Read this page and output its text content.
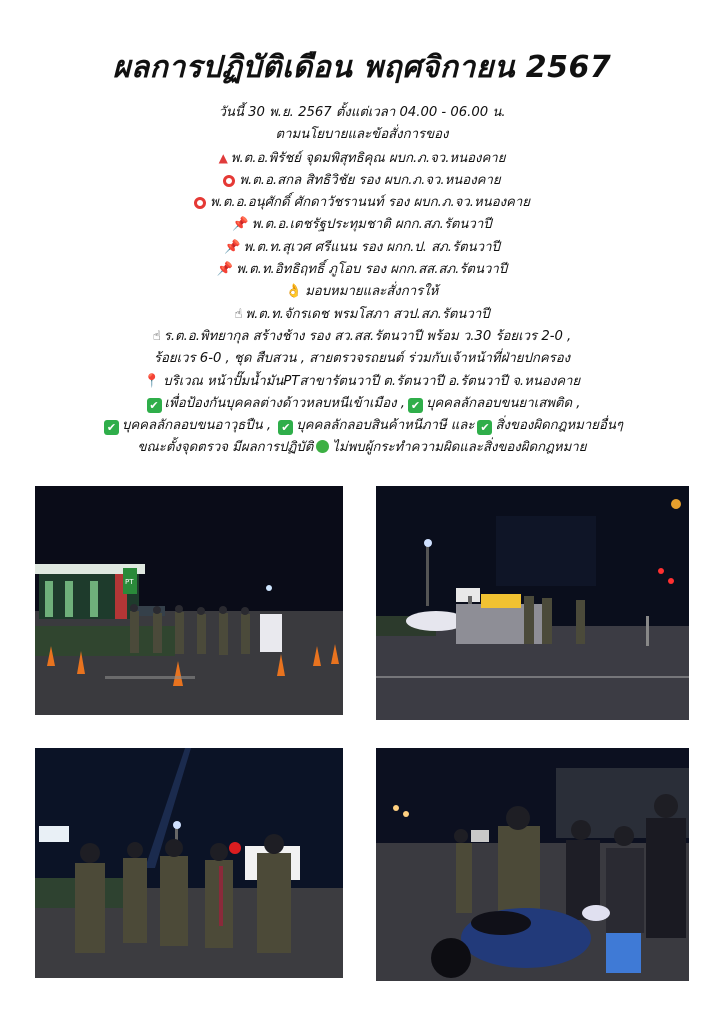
ผลการปฏิบัติเดือน พฤศจิกายน 2567
วันนี้ 30 พ.ย. 2567 ตั้งแต่เวลา 04.00 - 06.00 น.
ตามนโยบายและข้อสั่งการของ
▲ พ.ต.อ.พิรัชย์ จุดมพิสุทธิคุณ ผบก.ภ.จว.หนองคาย
พ.ต.อ.สกล สิทธิวิชัย รอง ผบก.ภ.จว.หนองคาย
พ.ต.อ.อนุศักดิ์ ศักดาวัชรานนท์ รอง ผบก.ภ.จว.หนองคาย
📌 พ.ต.อ.เตชรัฐประทุมชาติ ผกก.สภ.รัตนวาปี
📌 พ.ต.ท.สุเวศ ศรีแนน รอง ผกก.ป. สภ.รัตนวาปี
📌 พ.ต.ท.อิทธิฤทธิ์ ภูโอบ รอง ผกก.สส.สภ.รัตนวาปี
👌 มอบหมายและสั่งการให้
☝ พ.ต.ท.จักรเดช พรมโสภา สวป.สภ.รัตนวาปี
☝ ร.ต.อ.พิทยากุล สร้างช้าง รอง สว.สส.รัตนวาปี พร้อม ว.30 ร้อยเวร 2-0 ,
ร้อยเวร 6-0 , ชุด สืบสวน , สายตรวจรถยนต์ ร่วมกับเจ้าหน้าที่ฝ่ายปกครอง
📍 บริเวณ หน้าปั๊มน้ำมันPTสาขารัตนวาปี ต.รัตนวาปี อ.รัตนวาปี จ.หนองคาย
✔ เพื่อป้องกันบุคคลต่างด้าวหลบหนีเข้าเมือง , ✔ บุคคลลักลอบขนยาเสพติด ,
✔ บุคคลลักลอบขนอาวุธปืน , ✔ บุคคลลักลอบสินค้าหนีภาษี และ ✔ สิ่งของผิดกฎหมายอื่นๆ
ขณะตั้งจุดตรวจ มีผลการปฏิบัติ ไม่พบผู้กระทำความผิดและสิ่งของผิดกฎหมาย
PT
